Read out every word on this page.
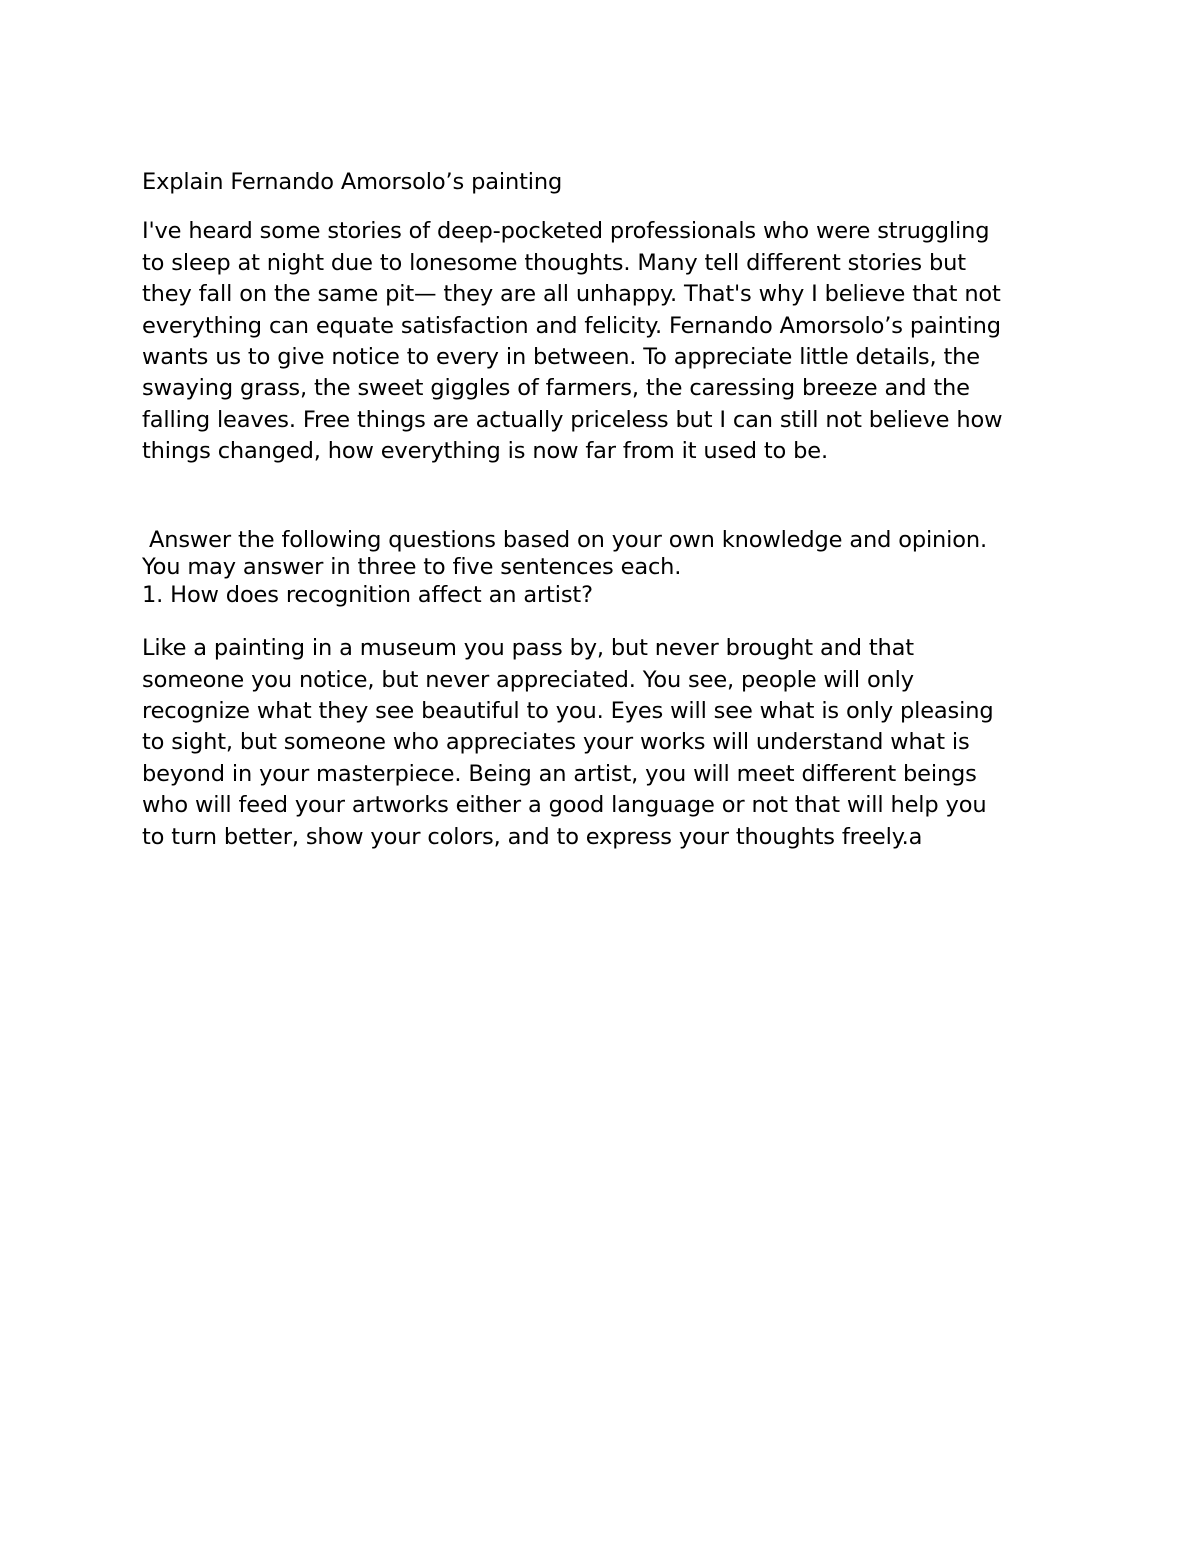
Explain Fernando Amorsolo’s painting

I've heard some stories of deep-pocketed professionals who were struggling
to sleep at night due to lonesome thoughts. Many tell different stories but
they fall on the same pit— they are all unhappy. That's why I believe that not
everything can equate satisfaction and felicity. Fernando Amorsolo’s painting
wants us to give notice to every in between. To appreciate little details, the
swaying grass, the sweet giggles of farmers, the caressing breeze and the
falling leaves. Free things are actually priceless but I can still not believe how
things changed, how everything is now far from it used to be.

Answer the following questions based on your own knowledge and opinion.
You may answer in three to five sentences each.
1. How does recognition affect an artist?

Like a painting in a museum you pass by, but never brought and that
someone you notice, but never appreciated. You see, people will only
recognize what they see beautiful to you. Eyes will see what is only pleasing
to sight, but someone who appreciates your works will understand what is
beyond in your masterpiece. Being an artist, you will meet different beings
who will feed your artworks either a good language or not that will help you
to turn better, show your colors, and to express your thoughts freely.a
